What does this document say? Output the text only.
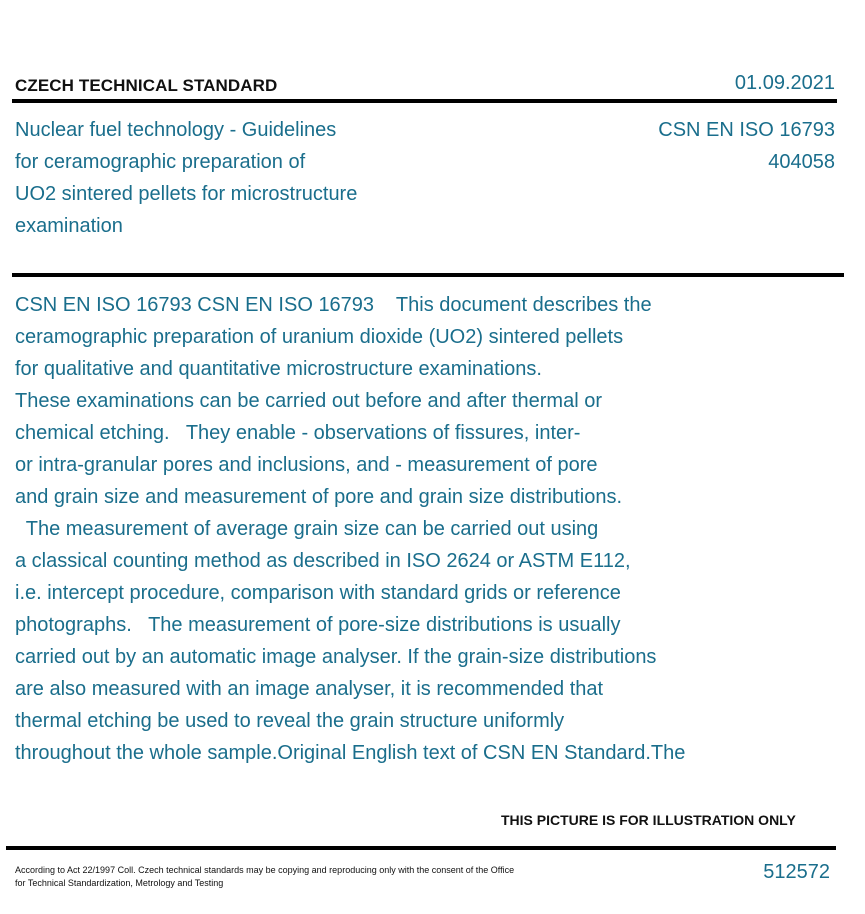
CZECH TECHNICAL STANDARD	01.09.2021
Nuclear fuel technology - Guidelines
for ceramographic preparation of
UO2 sintered pellets for microstructure
examination
CSN EN ISO 16793
404058
CSN EN ISO 16793 CSN EN ISO 16793    This document describes the
ceramographic preparation of uranium dioxide (UO2) sintered pellets
for qualitative and quantitative microstructure examinations.
These examinations can be carried out before and after thermal or
chemical etching.   They enable - observations of fissures, inter-
or intra-granular pores and inclusions, and - measurement of pore
and grain size and measurement of pore and grain size distributions.
The measurement of average grain size can be carried out using
a classical counting method as described in ISO 2624 or ASTM E112,
i.e. intercept procedure, comparison with standard grids or reference
photographs.   The measurement of pore-size distributions is usually
carried out by an automatic image analyser. If the grain-size distributions
are also measured with an image analyser, it is recommended that
thermal etching be used to reveal the grain structure uniformly
throughout the whole sample.Original English text of CSN EN Standard.The
THIS PICTURE IS FOR ILLUSTRATION ONLY
According to Act 22/1997 Coll. Czech technical standards may be copying and reproducing only with the consent of the Office
for Technical Standardization, Metrology and Testing	512572
